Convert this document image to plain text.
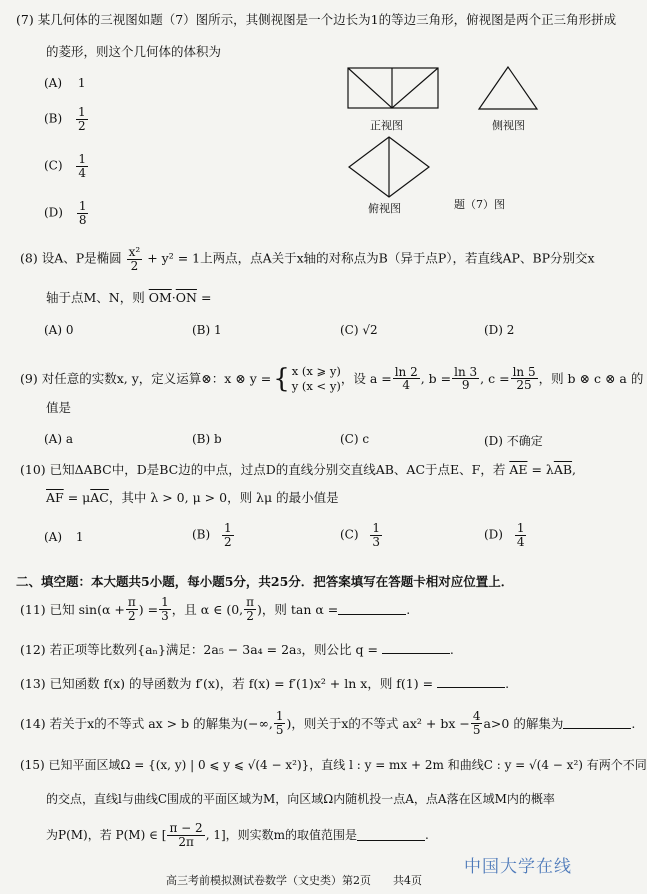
(7) 某几何体的三视图如题（7）图所示，其侧视图是一个边长为1的等边三角形，俯视图是两个正三角形拼成
的菱形，则这个几何体的体积为
(A) 1
$(B) \frac{1}{2}$
$(C) \frac{1}{4}$
$(D) \frac{1}{8}$
正视图	侧视图
俯视图	题（7）图
(8) 设A、P是椭圆 $\frac{\text{x²}}{2} + y^2 = 1$上两点，点A关于x轴的对称点为B（异于点P），若直线AP、BP分别交x
轴于点M、N，则 $\overline{OM}\cdot\overline{ON}$ =
(A) 0	(B) 1	(C) √2	(D) 2
(9) 对任意的实数x, y，定义运算⊗：x ⊗ y = { x (x ⩾ y)
y (x < y) ，设 $a = \frac{\ln 2}{4}$ , $b = \frac{\ln 3}{9}$ , $c = \frac{\ln 5}{25}$ ，则 b ⊗ c ⊗ a 的
值是
(A) a	(B) b	(C) c	(D) 不确定
(10) 已知ΔABC中，D是BC边的中点，过点D的直线分别交直线AB、AC于点E、F，若 $\overline{AE} = \lambda\overline{AB}$,
$\overline{AF} = \mu\overline{AC}$，其中 λ > 0, μ > 0，则 λμ 的最小值是
(A) 1	$(B) \frac{1}{2}$	$(C) \frac{1}{3}$	$(D) \frac{1}{4}$
二、填空题：本大题共5小题，每小题5分，共25分．把答案填写在答题卡相对应位置上．
(11) 已知 $\sin(\alpha + \frac{\pi}{2}$ ) = $\frac{1}{3}$ ，且 α ∈ (0, $\frac{\pi}{2}$ )，则 tan α =	.
(12) 若正项等比数列{aₙ}满足：2a₅ − 3a₄ = 2a₃，则公比 q =	.
(13) 已知函数 f(x) 的导函数为 f′(x)，若 f(x) = f′(1)x² + ln x，则 f(1) =	.
(14) 若关于x的不等式 ax > b 的解集为(−∞, $\frac{1}{5}$ )，则关于x的不等式 ax² + bx − $\frac{4}{5} a>0$ 的解集为	.
(15) 已知平面区域Ω = {(x, y) | 0 ⩽ y ⩽ √(4 − x²)}，直线 l : y = mx + 2m 和曲线C : y = √(4 − x²) 有两个不同
的交点，直线l与曲线C围成的平面区域为M，向区域Ω内随机投一点A，点A落在区域M内的概率
为P(M)，若 P(M) ∈ [ $\frac{\pi - 2}{2\pi}$ , 1]，则实数m的取值范围是	.
高三考前模拟测试卷数学（文史类）第2页　　共4页
中国大学在线
